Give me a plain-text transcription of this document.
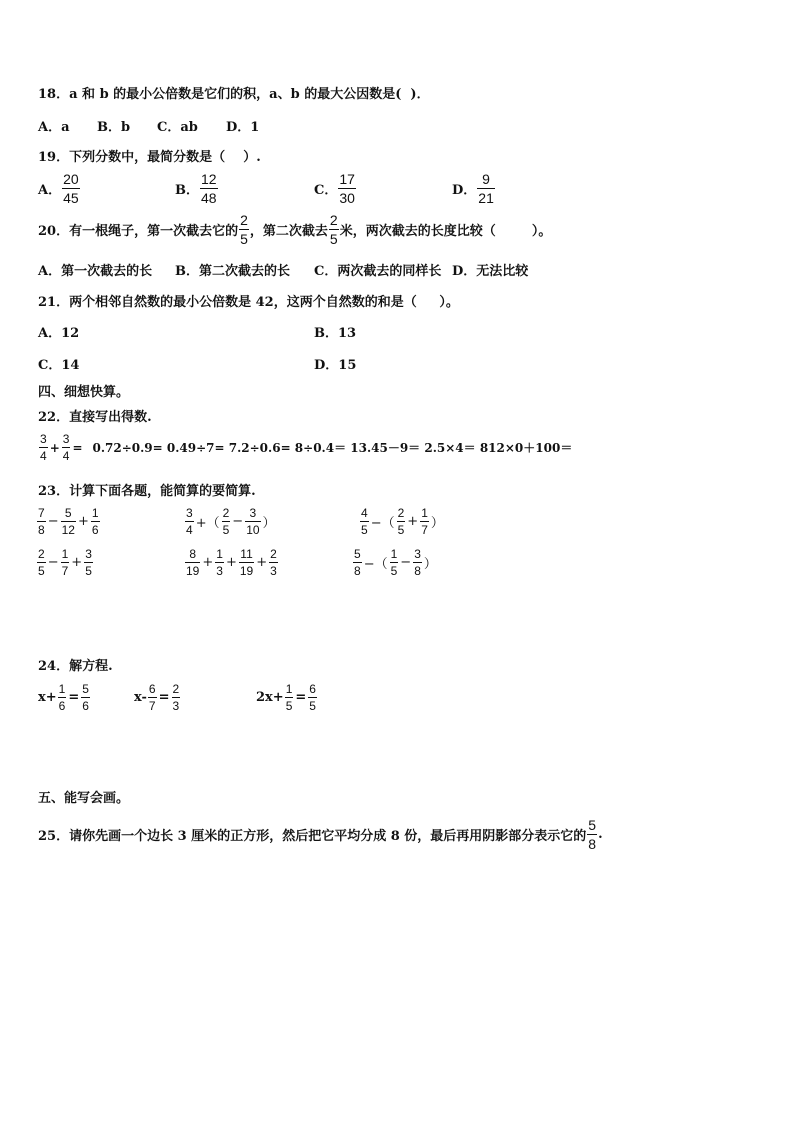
18．a 和 b 的最小公倍数是它们的积，a、b 的最大公因数是(  )．
A．a B．b C．ab D．1
19．下列分数中，最简分数是（    ）.
A． $\frac{20}{45}$	B． $\frac{12}{48}$	C． $\frac{17}{30}$	D． $\frac{9}{21}$
20．有一根绳子，第一次截去它的 $\frac{2}{5}$ ，第二次截去 $\frac{2}{5}$ 米，两次截去的长度比较（        ）。
A．第一次截去的长 B．第二次截去的长 C．两次截去的同样长 D．无法比较
21．两个相邻自然数的最小公倍数是 42，这两个自然数的和是（     ）。
A．12	B．13
C．14	D．15
四、细想快算。
22．直接写出得数.
$\frac{3}{4} + \frac{3}{4} = 0.72\div 0.9= 0.49\div 7= 7.2\div 0.6= 8\div 0.4= 13.45-9= 2.5\times 4= 812\times 0+100=$
23．计算下面各题，能简算的要简算.
$\frac{7}{8} - \frac{5}{12} + \frac{1}{6}$	$\frac{3}{4}$ +（ $\frac{2}{5} - \frac{3}{10}$ ）	$\frac{4}{5}$ −（ $\frac{2}{5} + \frac{1}{7}$ ）
$\frac{2}{5} - \frac{1}{7} + \frac{3}{5}$	$\frac{8}{19} + \frac{1}{3} + \frac{11}{19} + \frac{2}{3}$	$\frac{5}{8}$ −（ $\frac{1}{5} - \frac{3}{8}$ ）
24．解方程.
$x+ \frac{1}{6} = \frac{5}{6}$	$x- \frac{6}{7} = \frac{2}{3}$	$2x+ \frac{1}{5} = \frac{6}{5}$
五、能写会画。
25．请你先画一个边长 3 厘米的正方形，然后把它平均分成 8 份，最后再用阴影部分表示它的 $\frac{5}{8}$ .
